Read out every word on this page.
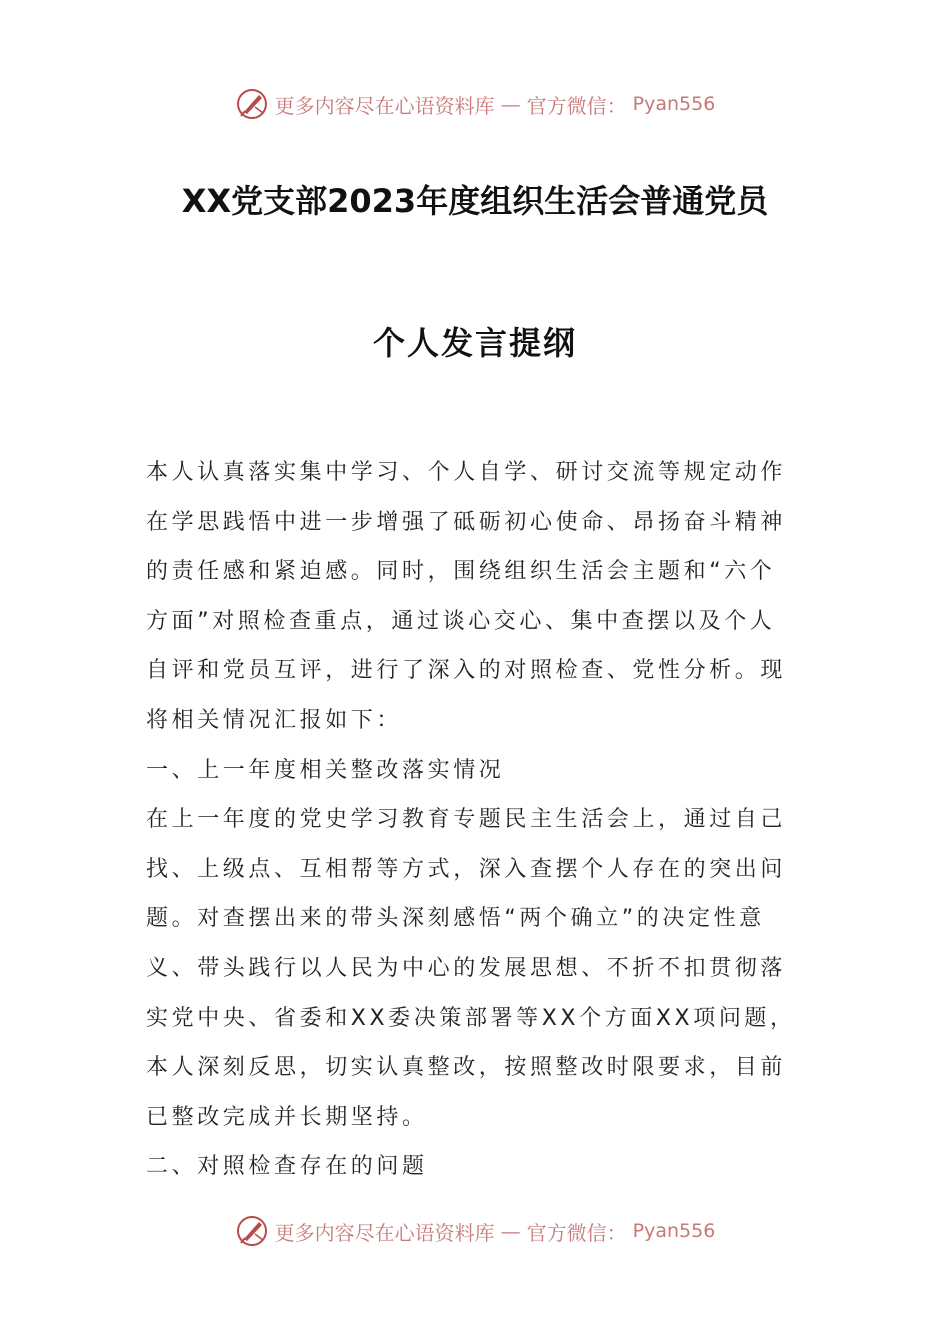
更多内容尽在心语资料库 — 官方微信： Pyan556
XX党支部2023年度组织生活会普通党员
个人发言提纲
本人认真落实集中学习、个人自学、研讨交流等规定动作
在学思践悟中进一步增强了砥砺初心使命、昂扬奋斗精神
的责任感和紧迫感。同时，围绕组织生活会主题和“六个
方面”对照检查重点，通过谈心交心、集中查摆以及个人
自评和党员互评，进行了深入的对照检查、党性分析。现
将相关情况汇报如下：
一、上一年度相关整改落实情况
在上一年度的党史学习教育专题民主生活会上，通过自己
找、上级点、互相帮等方式，深入查摆个人存在的突出问
题。对查摆出来的带头深刻感悟“两个确立”的决定性意
义、带头践行以人民为中心的发展思想、不折不扣贯彻落
实党中央、省委和XX委决策部署等XX个方面XX项问题，
本人深刻反思，切实认真整改，按照整改时限要求，目前
已整改完成并长期坚持。
二、对照检查存在的问题
更多内容尽在心语资料库 — 官方微信： Pyan556
